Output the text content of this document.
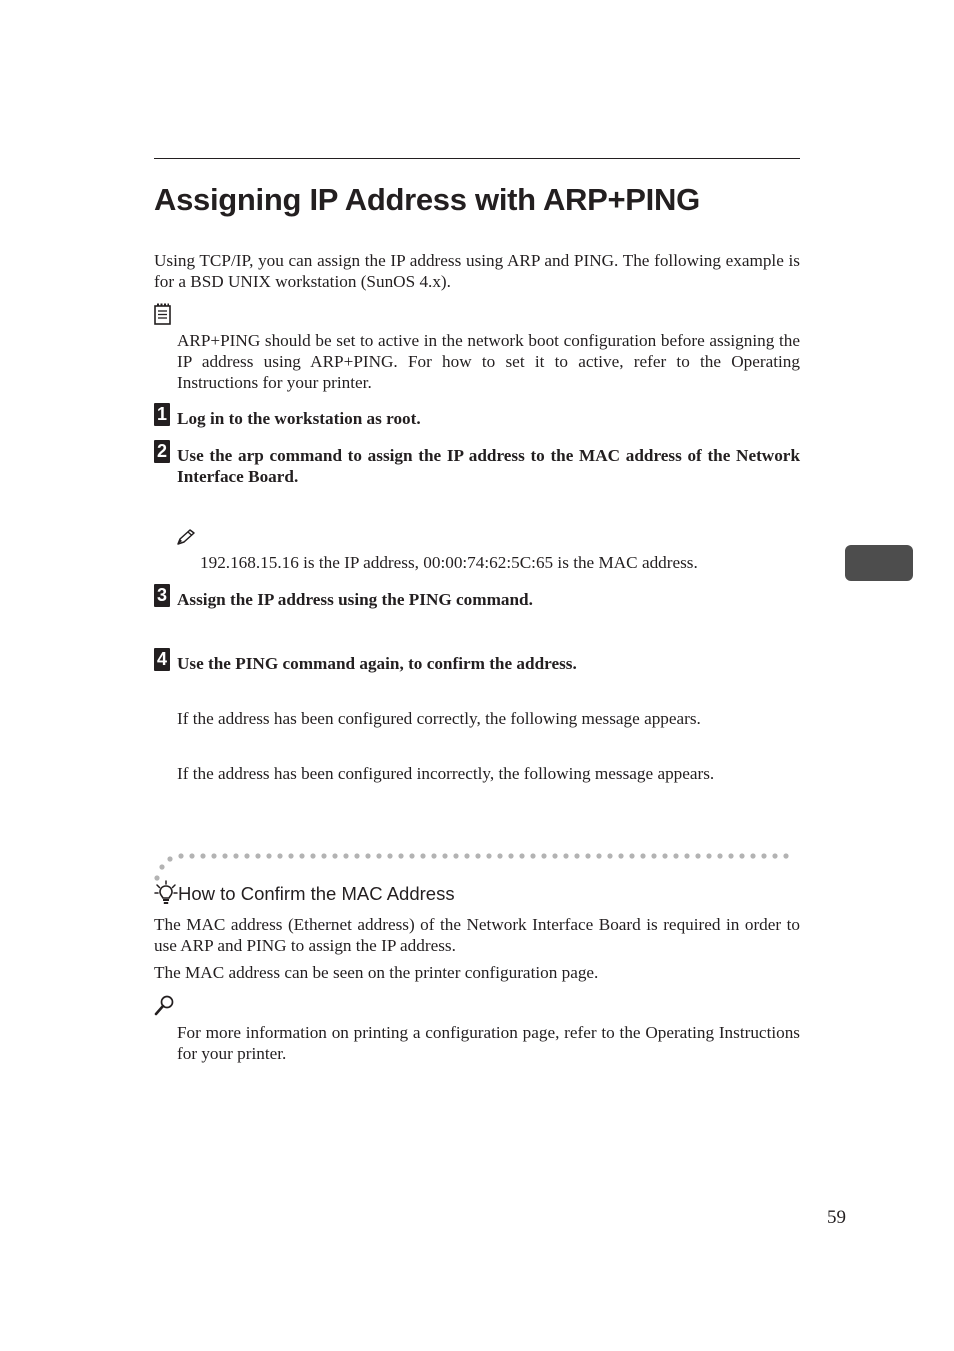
Assigning IP Address with ARP+PING
Using TCP/IP, you can assign the IP address using ARP and PING. The following example is for a BSD UNIX workstation (SunOS 4.x).
ARP+PING should be set to active in the network boot configuration before assigning the IP address using ARP+PING. For how to set it to active, refer to the Operating Instructions for your printer.
1 Log in to the workstation as root.
2 Use the arp command to assign the IP address to the MAC address of the Network Interface Board.
192.168.15.16 is the IP address, 00:00:74:62:5C:65 is the MAC address.
3 Assign the IP address using the PING command.
4 Use the PING command again, to confirm the address.
If the address has been configured correctly, the following message appears.
If the address has been configured incorrectly, the following message appears.
How to Confirm the MAC Address
The MAC address (Ethernet address) of the Network Interface Board is required in order to use ARP and PING to assign the IP address.
The MAC address can be seen on the printer configuration page.
For more information on printing a configuration page, refer to the Operating Instructions for your printer.
59
